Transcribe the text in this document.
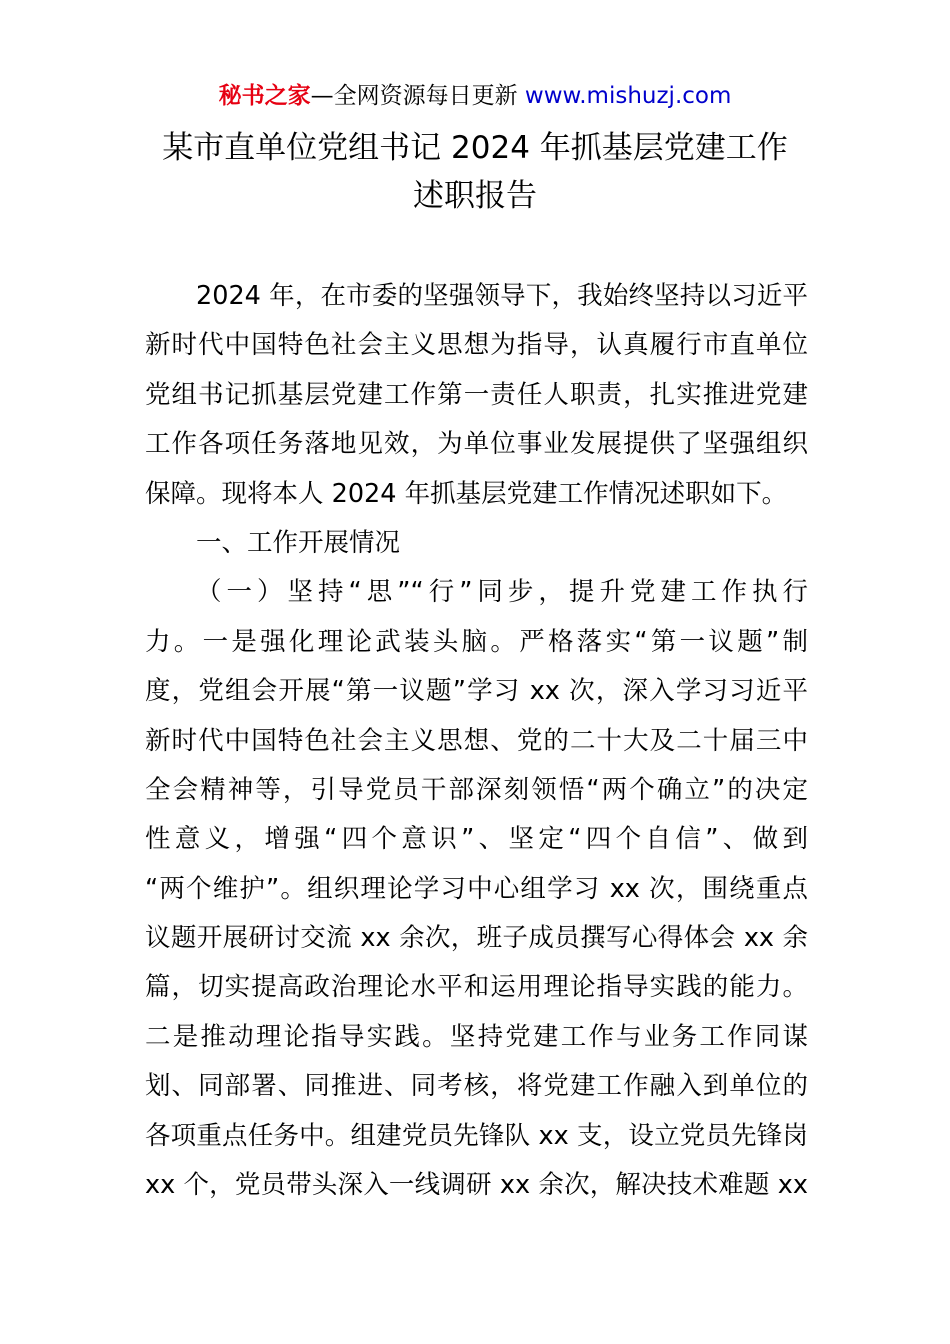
秘书之家—全网资源每日更新 www.mishuzj.com
某市直单位党组书记 2024 年抓基层党建工作
述职报告
2024 年，在市委的坚强领导下，我始终坚持以习近平
新时代中国特色社会主义思想为指导，认真履行市直单位
党组书记抓基层党建工作第一责任人职责，扎实推进党建
工作各项任务落地见效，为单位事业发展提供了坚强组织
保障。现将本人 2024 年抓基层党建工作情况述职如下。
一、工作开展情况
（一）坚持“思”“行”同步，提升党建工作执行
力。一是强化理论武装头脑。严格落实“第一议题”制
度，党组会开展“第一议题”学习 xx 次，深入学习习近平
新时代中国特色社会主义思想、党的二十大及二十届三中
全会精神等，引导党员干部深刻领悟“两个确立”的决定
性意义，增强“四个意识”、坚定“四个自信”、做到
“两个维护”。组织理论学习中心组学习 xx 次，围绕重点
议题开展研讨交流 xx 余次，班子成员撰写心得体会 xx 余
篇，切实提高政治理论水平和运用理论指导实践的能力。
二是推动理论指导实践。坚持党建工作与业务工作同谋
划、同部署、同推进、同考核，将党建工作融入到单位的
各项重点任务中。组建党员先锋队 xx 支，设立党员先锋岗
xx 个，党员带头深入一线调研 xx 余次，解决技术难题 xx
